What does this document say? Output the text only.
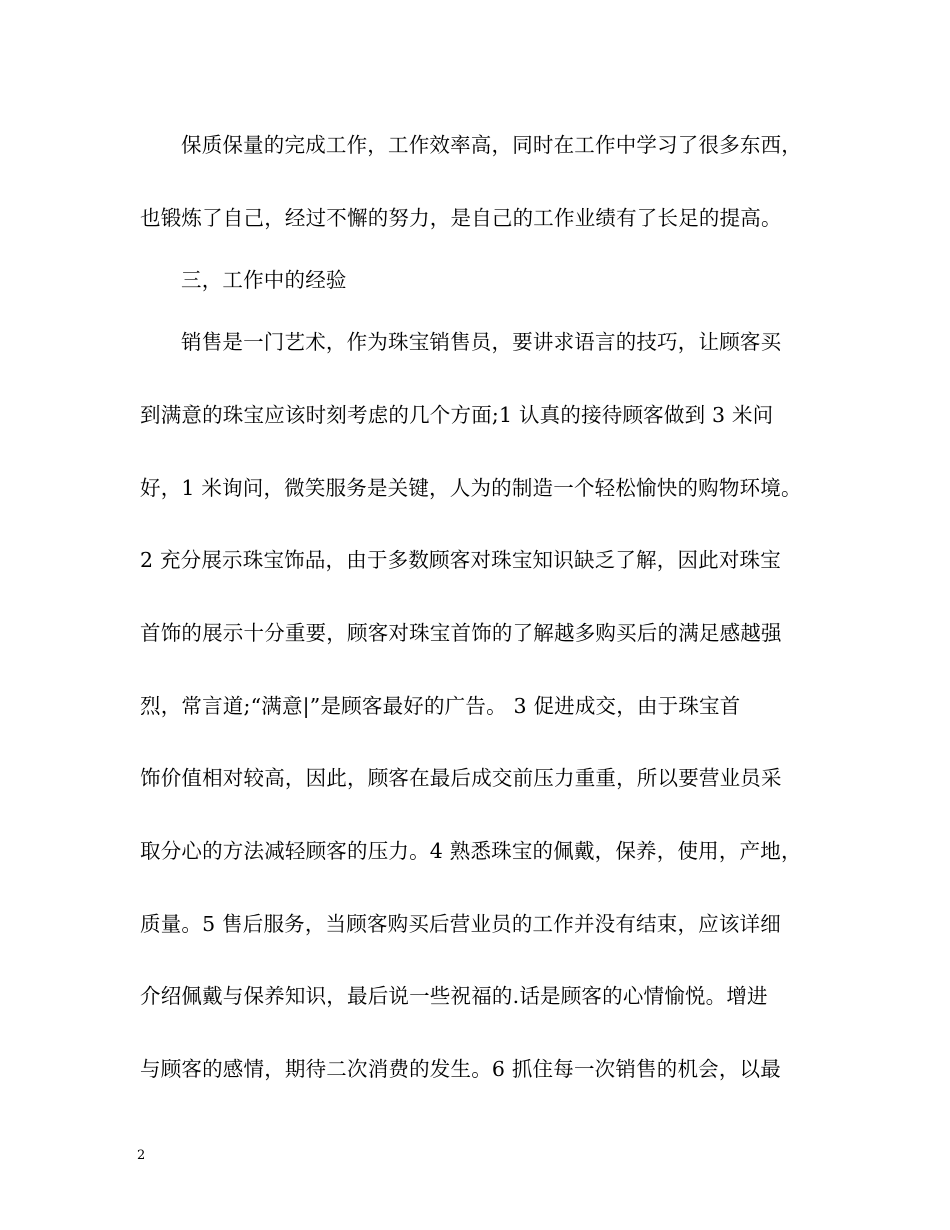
保质保量的完成工作，工作效率高，同时在工作中学习了很多东西，
也锻炼了自己，经过不懈的努力，是自己的工作业绩有了长足的提高。
三，工作中的经验
销售是一门艺术，作为珠宝销售员，要讲求语言的技巧，让顾客买
到满意的珠宝应该时刻考虑的几个方面;1 认真的接待顾客做到 3 米问
好，1 米询问，微笑服务是关键，人为的制造一个轻松愉快的购物环境。
2 充分展示珠宝饰品，由于多数顾客对珠宝知识缺乏了解，因此对珠宝
首饰的展示十分重要，顾客对珠宝首饰的了解越多购买后的满足感越强
烈，常言道;“满意|”是顾客最好的广告。 3 促进成交，由于珠宝首
饰价值相对较高，因此，顾客在最后成交前压力重重，所以要营业员采
取分心的方法减轻顾客的压力。4 熟悉珠宝的佩戴，保养，使用，产地，
质量。5 售后服务，当顾客购买后营业员的工作并没有结束，应该详细
介绍佩戴与保养知识，最后说一些祝福的.话是顾客的心情愉悦。增进
与顾客的感情，期待二次消费的发生。6 抓住每一次销售的机会，以最
2
